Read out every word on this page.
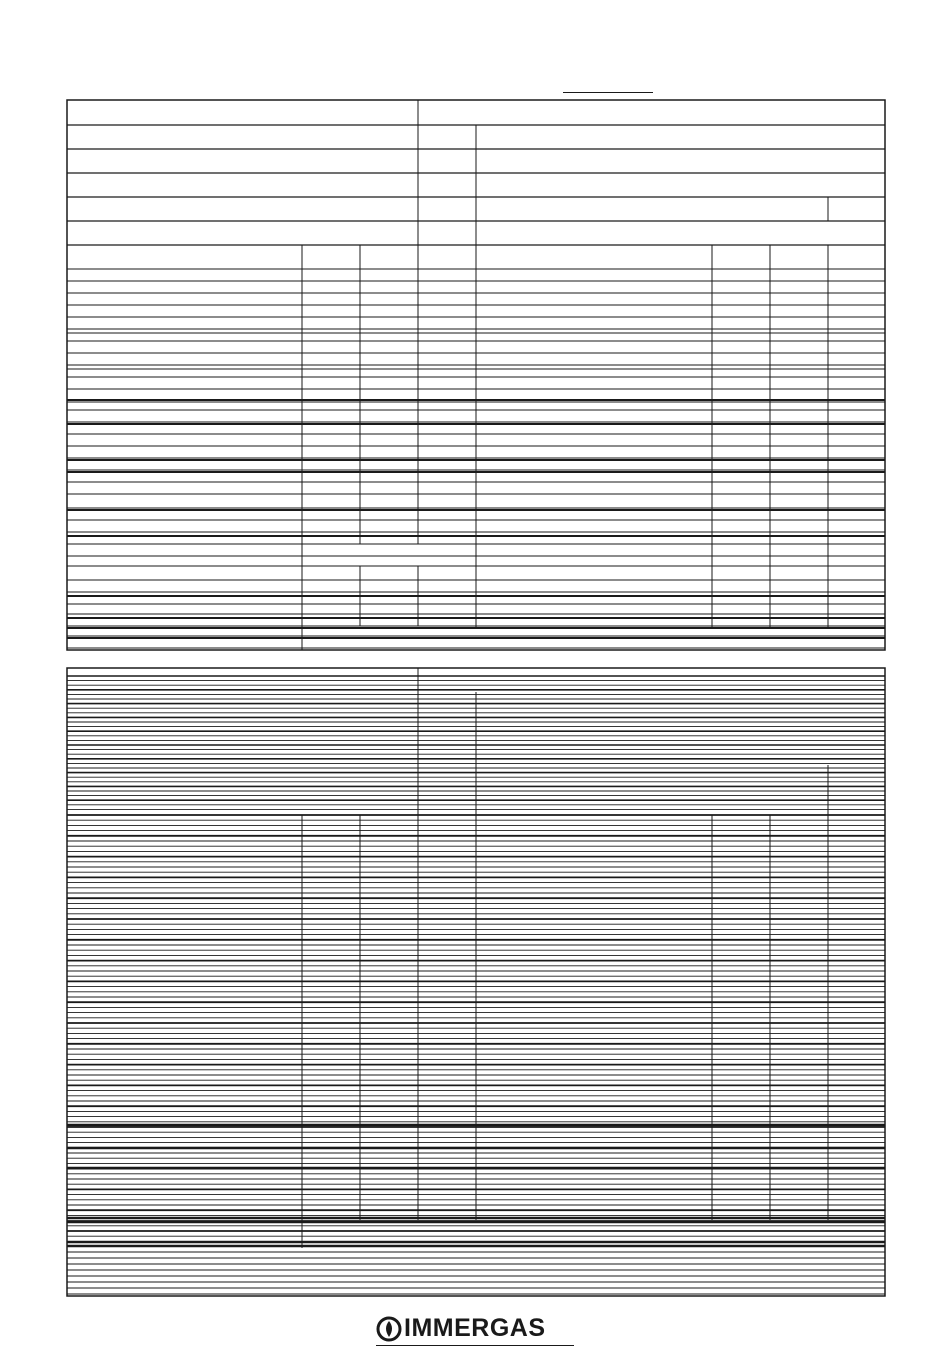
IMMERGAS
